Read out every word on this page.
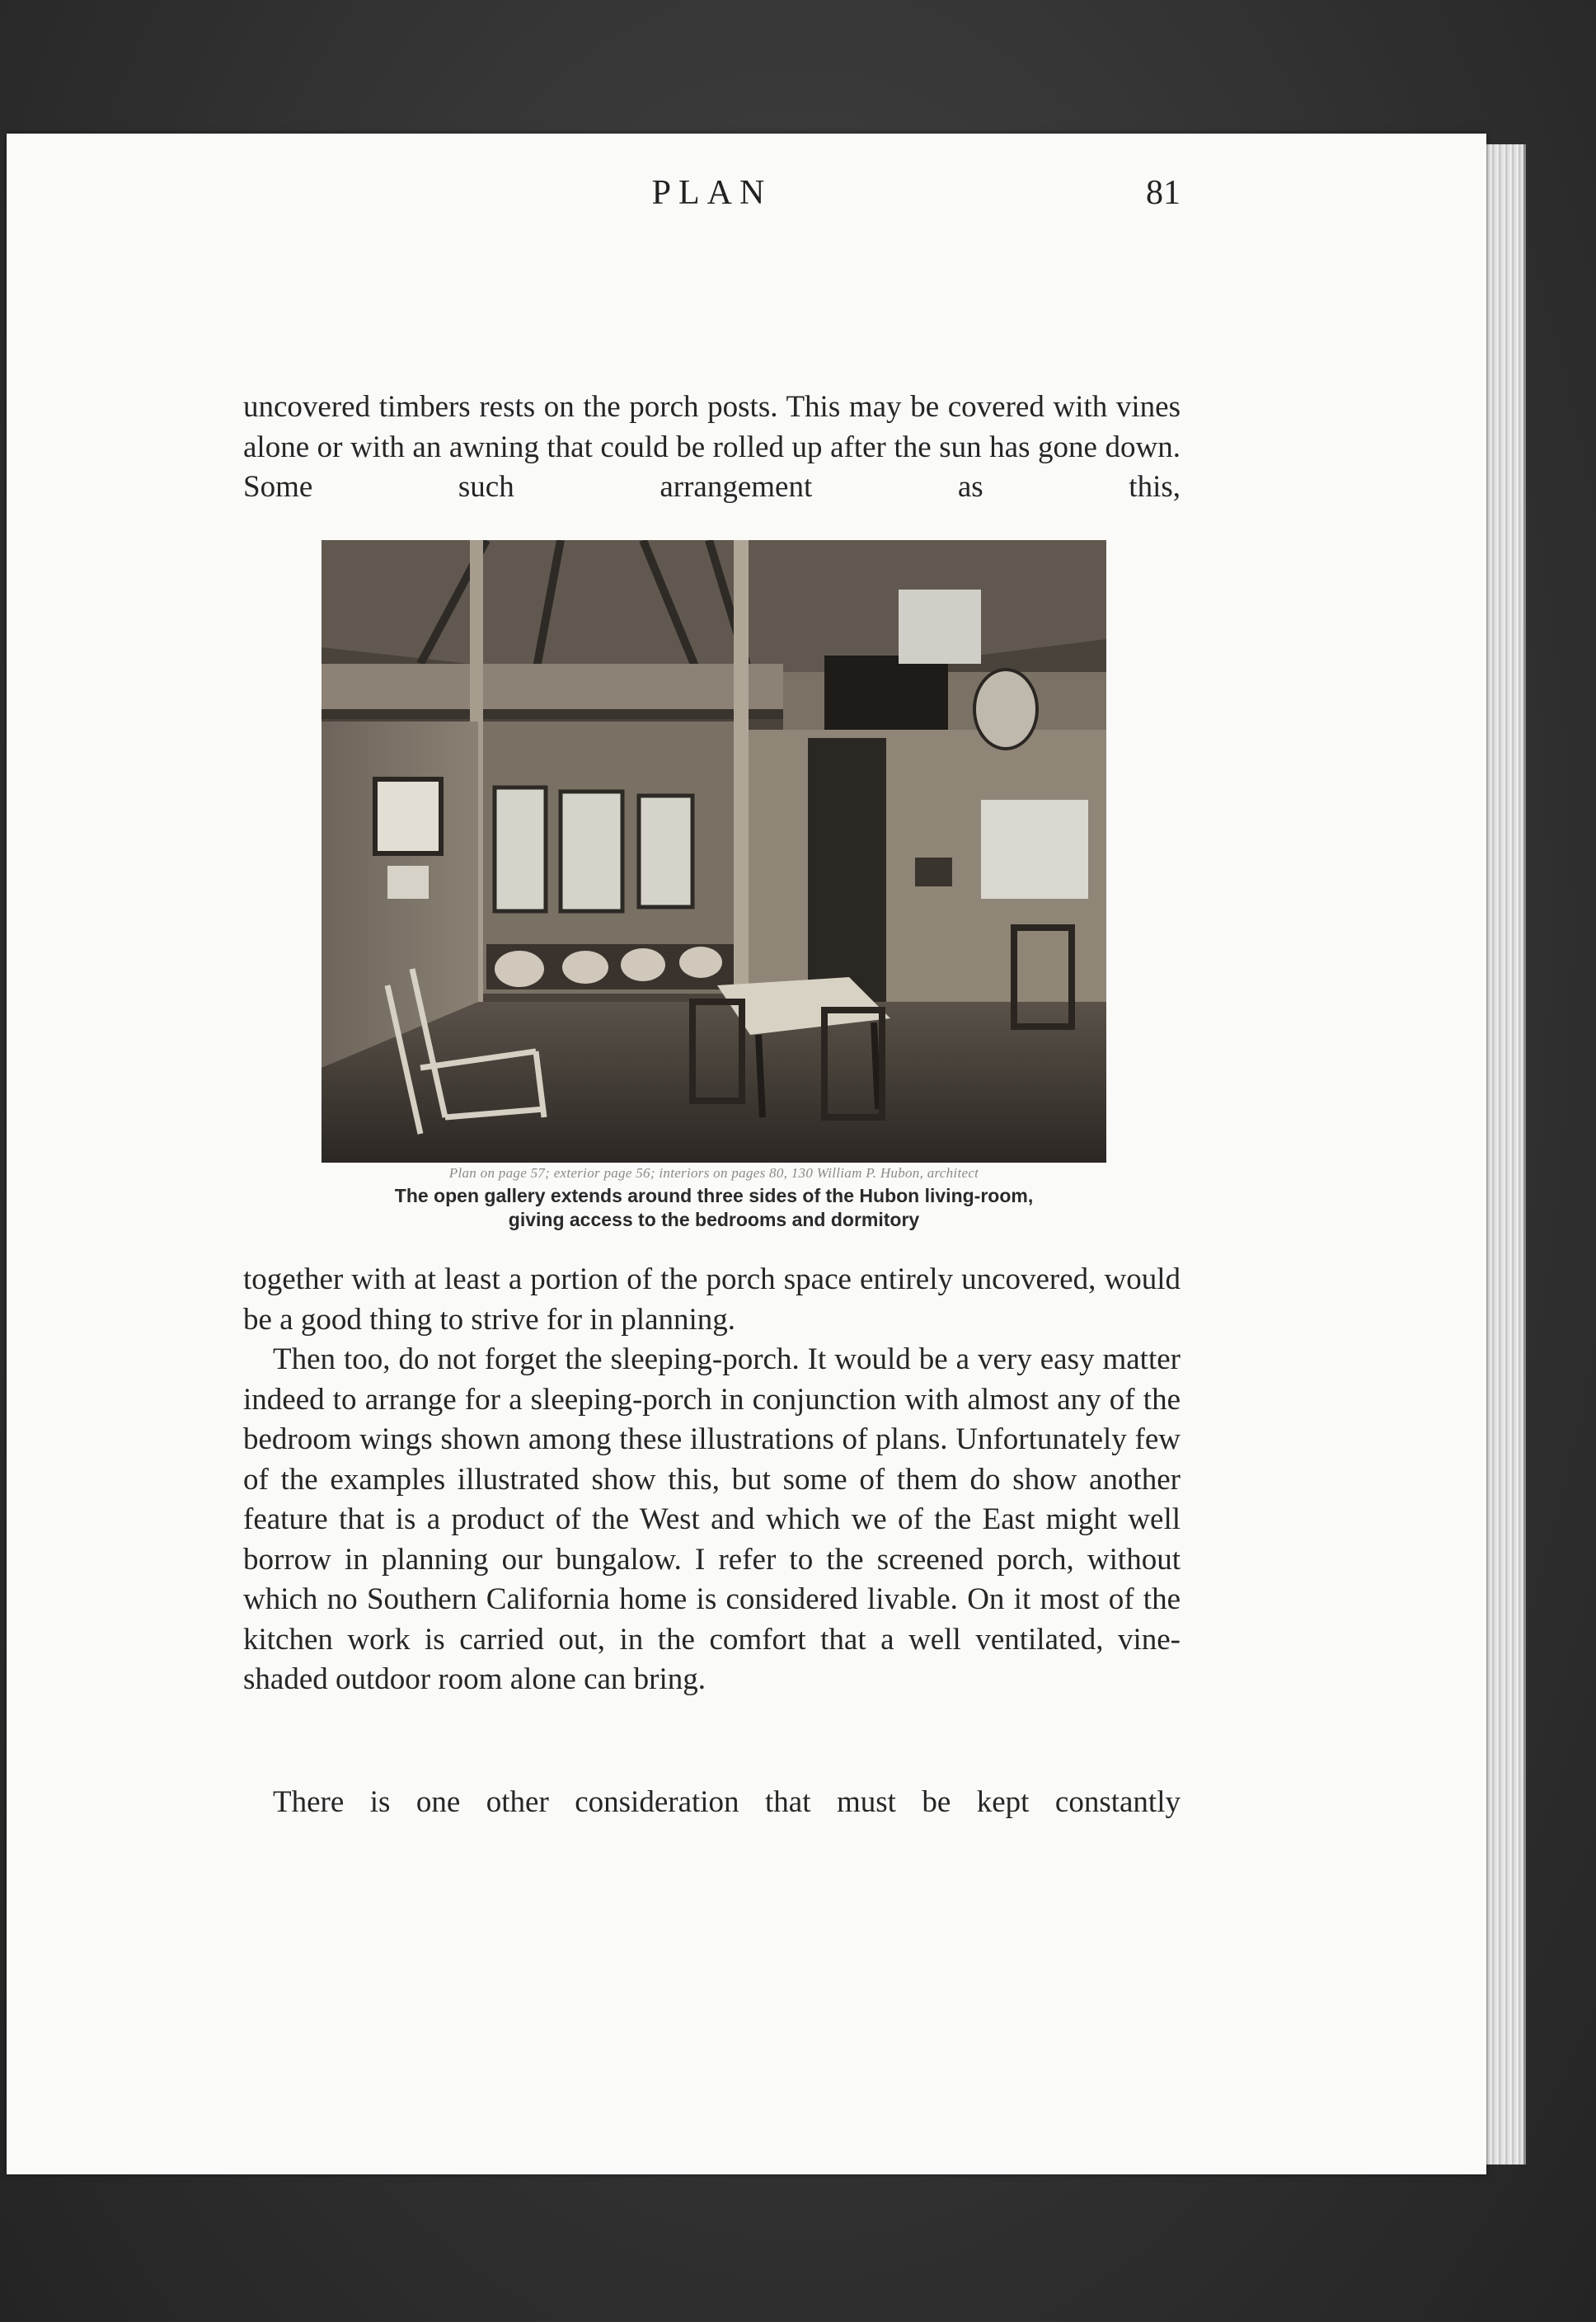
PLAN	81

uncovered timbers rests on the porch posts. This may be covered with vines alone or with an awning that could be rolled up after the sun has gone down. Some such arrangement as this,

Plan on page 57; exterior page 56; interiors on pages 80, 130 William P. Hubon, architect
The open gallery extends around three sides of the Hubon living-room,
giving access to the bedrooms and dormitory

together with at least a portion of the porch space entirely uncovered, would be a good thing to strive for in planning.

Then too, do not forget the sleeping-porch. It would be a very easy matter indeed to arrange for a sleeping-porch in conjunction with almost any of the bedroom wings shown among these illustrations of plans. Unfortunately few of the examples illustrated show this, but some of them do show another feature that is a product of the West and which we of the East might well borrow in planning our bungalow. I refer to the screened porch, without which no Southern California home is considered livable. On it most of the kitchen work is carried out, in the comfort that a well ventilated, vine-shaded outdoor room alone can bring.

There is one other consideration that must be kept constantly
